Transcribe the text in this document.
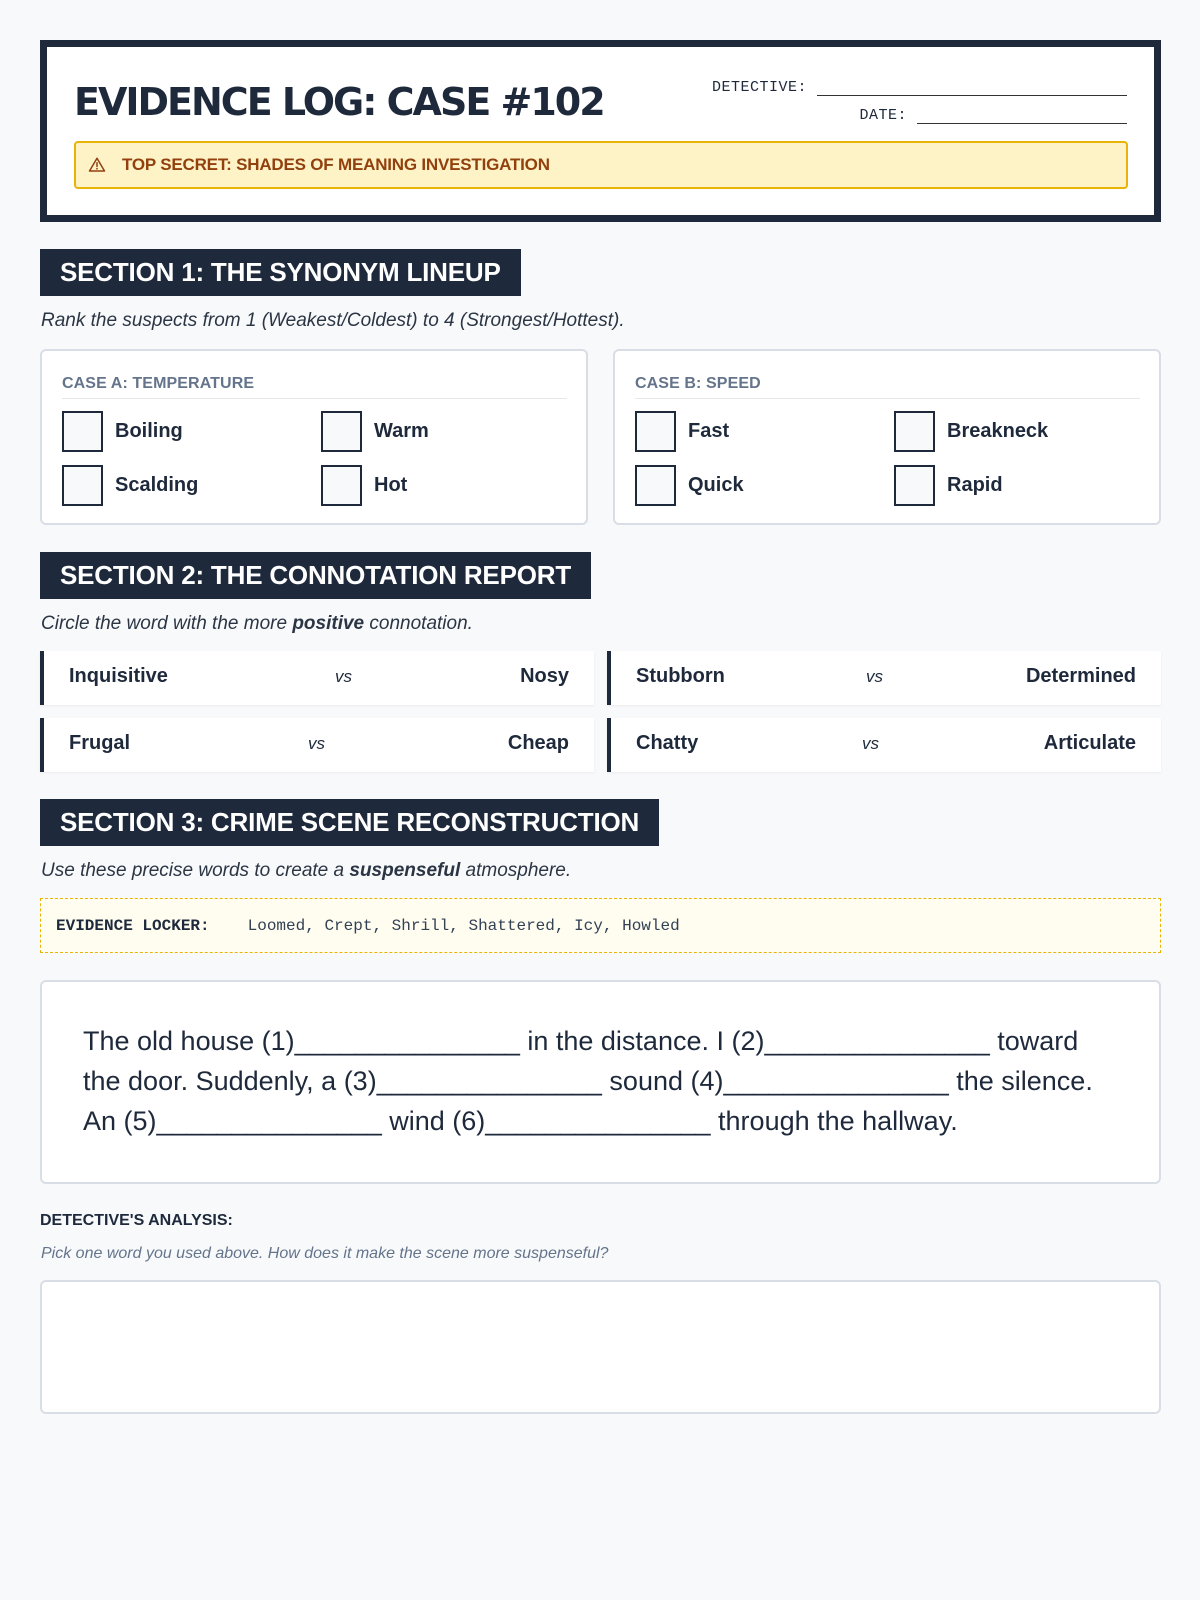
EVIDENCE LOG: CASE #102	DETECTIVE:
DATE:
TOP SECRET: SHADES OF MEANING INVESTIGATION
SECTION 1: THE SYNONYM LINEUP
Rank the suspects from 1 (Weakest/Coldest) to 4 (Strongest/Hottest).
CASE A: TEMPERATURE
Boiling	Warm
Scalding	Hot
CASE B: SPEED
Fast	Breakneck
Quick	Rapid
SECTION 2: THE CONNOTATION REPORT
Circle the word with the more positive connotation.
Inquisitive	vs	Nosy	Stubborn	vs	Determined
Frugal	vs	Cheap	Chatty	vs	Articulate
SECTION 3: CRIME SCENE RECONSTRUCTION
Use these precise words to create a suspenseful atmosphere.
EVIDENCE LOCKER: Loomed, Crept, Shrill, Shattered, Icy, Howled
The old house (1)_______________ in the distance. I (2)_______________ toward
the door. Suddenly, a (3)_______________ sound (4)_______________ the silence.
An (5)_______________ wind (6)_______________ through the hallway.
DETECTIVE'S ANALYSIS:
Pick one word you used above. How does it make the scene more suspenseful?
